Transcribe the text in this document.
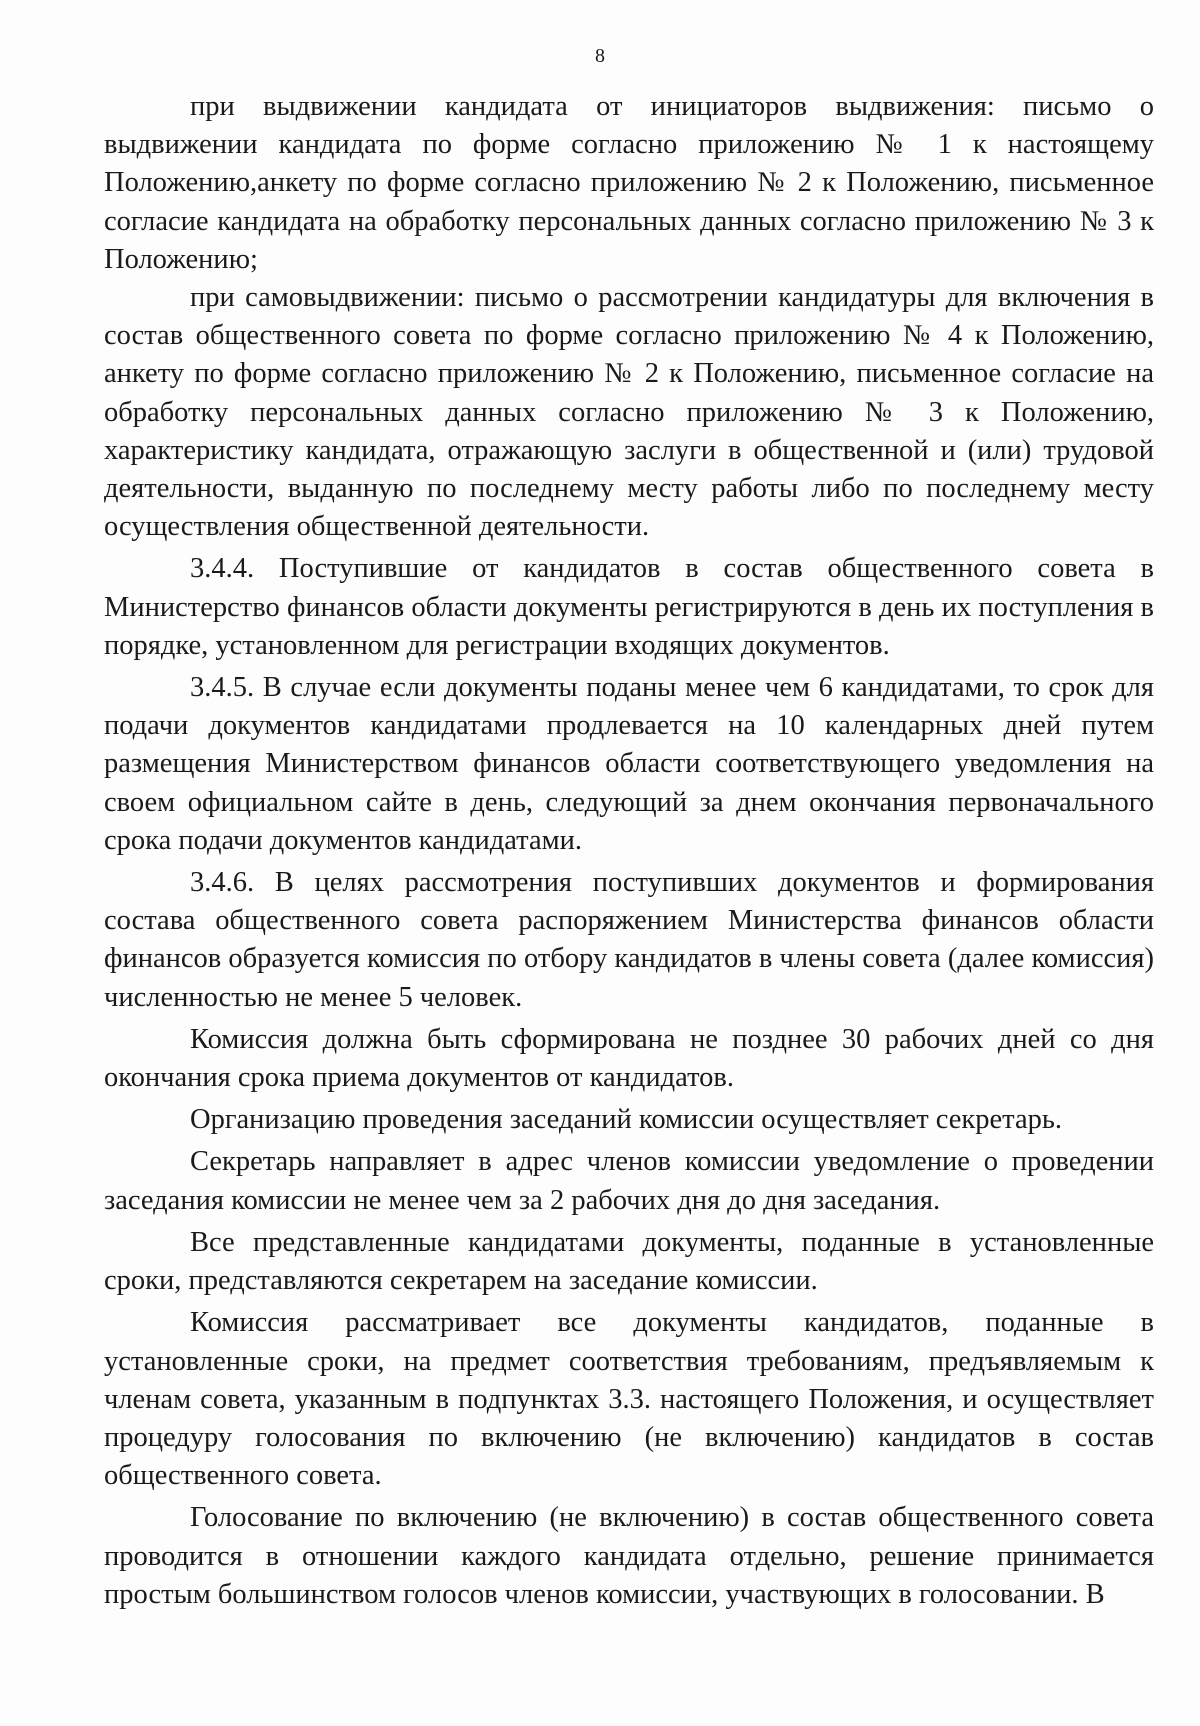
8

при выдвижении кандидата от инициаторов выдвижения: письмо о выдвижении кандидата по форме согласно приложению № 1 к настоящему Положению,анкету по форме согласно приложению № 2 к Положению, письменное согласие кандидата на обработку персональных данных согласно приложению № 3 к Положению;

при самовыдвижении: письмо о рассмотрении кандидатуры для включения в состав общественного совета по форме согласно приложению № 4 к Положению, анкету по форме согласно приложению № 2 к Положению, письменное согласие на обработку персональных данных согласно приложению № 3 к Положению, характеристику кандидата, отражающую заслуги в общественной и (или) трудовой деятельности, выданную по последнему месту работы либо по последнему месту осуществления общественной деятельности.

3.4.4. Поступившие от кандидатов в состав общественного совета в Министерство финансов области документы регистрируются в день их поступления в порядке, установленном для регистрации входящих документов.

3.4.5. В случае если документы поданы менее чем 6 кандидатами, то срок для подачи документов кандидатами продлевается на 10 календарных дней путем размещения Министерством финансов области соответствующего уведомления на своем официальном сайте в день, следующий за днем окончания первоначального срока подачи документов кандидатами.

3.4.6. В целях рассмотрения поступивших документов и формирования состава общественного совета распоряжением Министерства финансов области финансов образуется комиссия по отбору кандидатов в члены совета (далее комиссия) численностью не менее 5 человек.

Комиссия должна быть сформирована не позднее 30 рабочих дней со дня окончания срока приема документов от кандидатов.

Организацию проведения заседаний комиссии осуществляет секретарь.

Секретарь направляет в адрес членов комиссии уведомление о проведении заседания комиссии не менее чем за 2 рабочих дня до дня заседания.

Все представленные кандидатами документы, поданные в установленные сроки, представляются секретарем на заседание комиссии.

Комиссия рассматривает все документы кандидатов, поданные в установленные сроки, на предмет соответствия требованиям, предъявляемым к членам совета, указанным в подпунктах 3.3. настоящего Положения, и осуществляет процедуру голосования по включению (не включению) кандидатов в состав общественного совета.

Голосование по включению (не включению) в состав общественного совета проводится в отношении каждого кандидата отдельно, решение принимается простым большинством голосов членов комиссии, участвующих в голосовании. В
